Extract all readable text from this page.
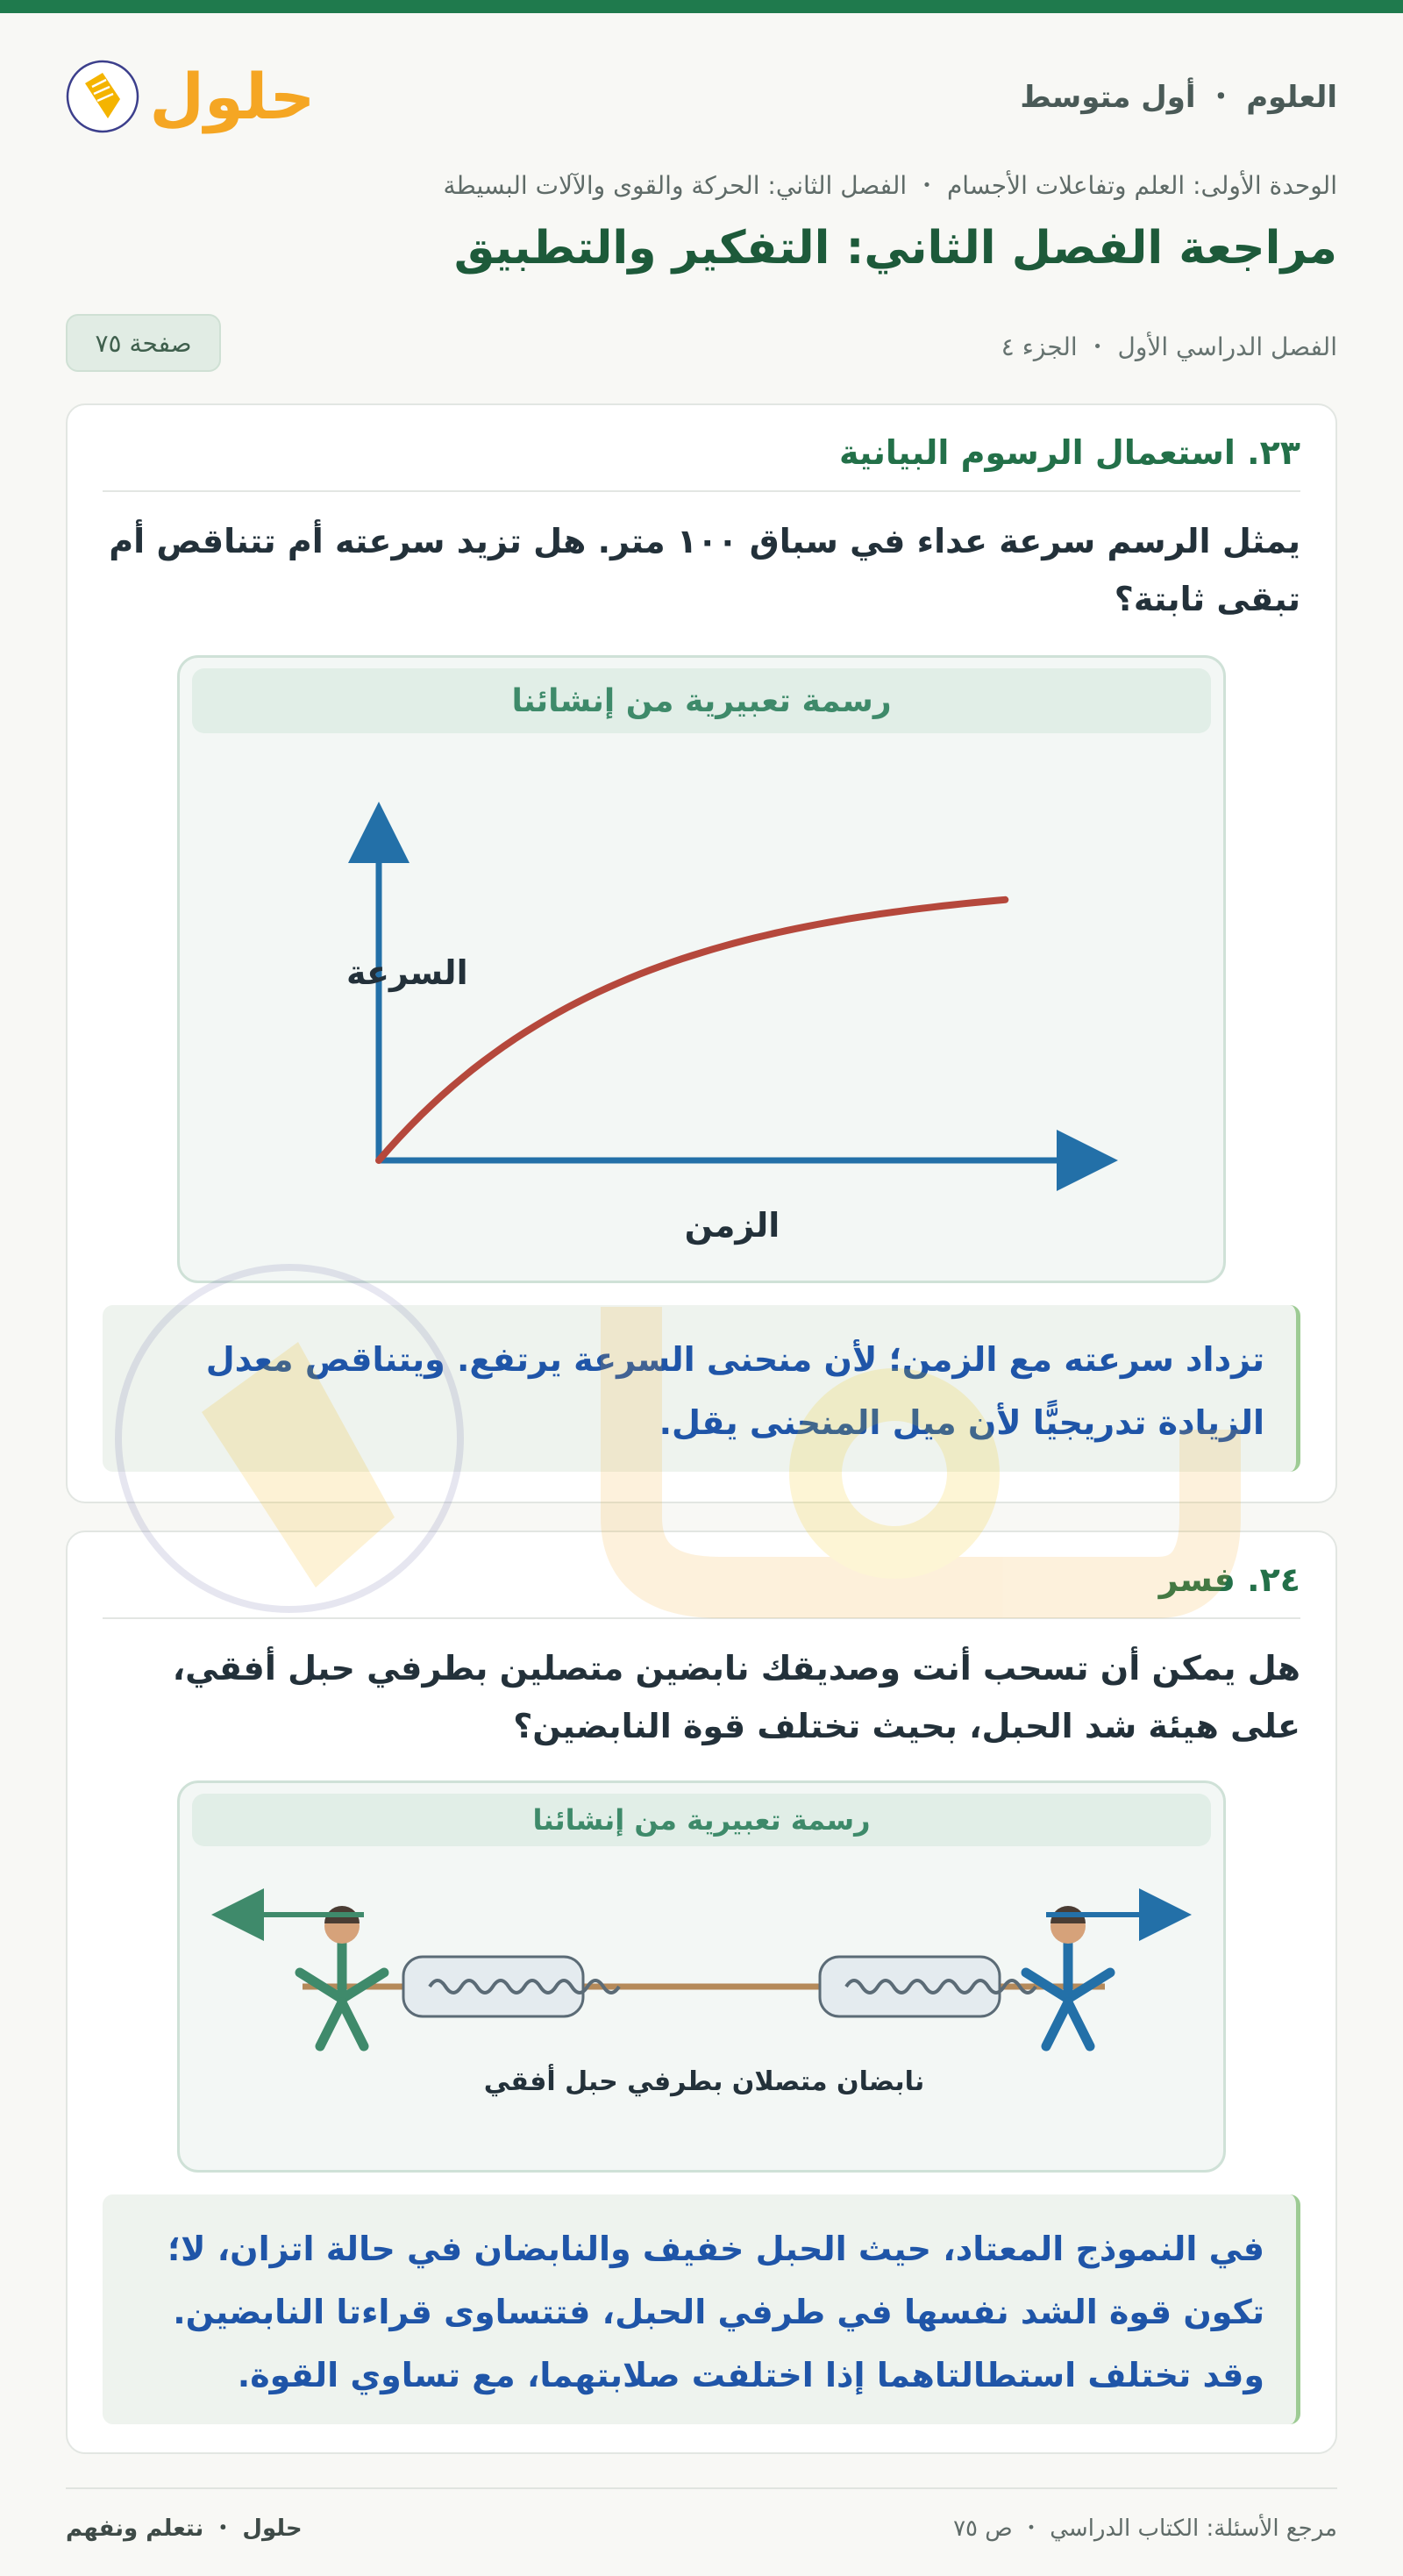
العلوم ・ أول متوسط
حلول
الوحدة الأولى: العلم وتفاعلات الأجسام ・ الفصل الثاني: الحركة والقوى والآلات البسيطة
مراجعة الفصل الثاني: التفكير والتطبيق
الفصل الدراسي الأول ・ الجزء ٤
صفحة ٧٥
٢٣. استعمال الرسوم البيانية
يمثل الرسم سرعة عداء في سباق ١٠٠ متر. هل تزيد سرعته أم تتناقص أم تبقى ثابتة؟
رسمة تعبيرية من إنشائنا
السرعة
الزمن
تزداد سرعته مع الزمن؛ لأن منحنى السرعة يرتفع. ويتناقص معدل الزيادة تدريجيًّا لأن ميل المنحنى يقل.
٢٤. فسر
هل يمكن أن تسحب أنت وصديقك نابضين متصلين بطرفي حبل أفقي، على هيئة شد الحبل، بحيث تختلف قوة النابضين؟
رسمة تعبيرية من إنشائنا
نابضان متصلان بطرفي حبل أفقي
في النموذج المعتاد، حيث الحبل خفيف والنابضان في حالة اتزان، لا؛ تكون قوة الشد نفسها في طرفي الحبل، فتتساوى قراءتا النابضين. وقد تختلف استطالتاهما إذا اختلفت صلابتهما، مع تساوي القوة.
مرجع الأسئلة: الكتاب الدراسي ・ ص ٧٥
حلول ・ نتعلم ونفهم
